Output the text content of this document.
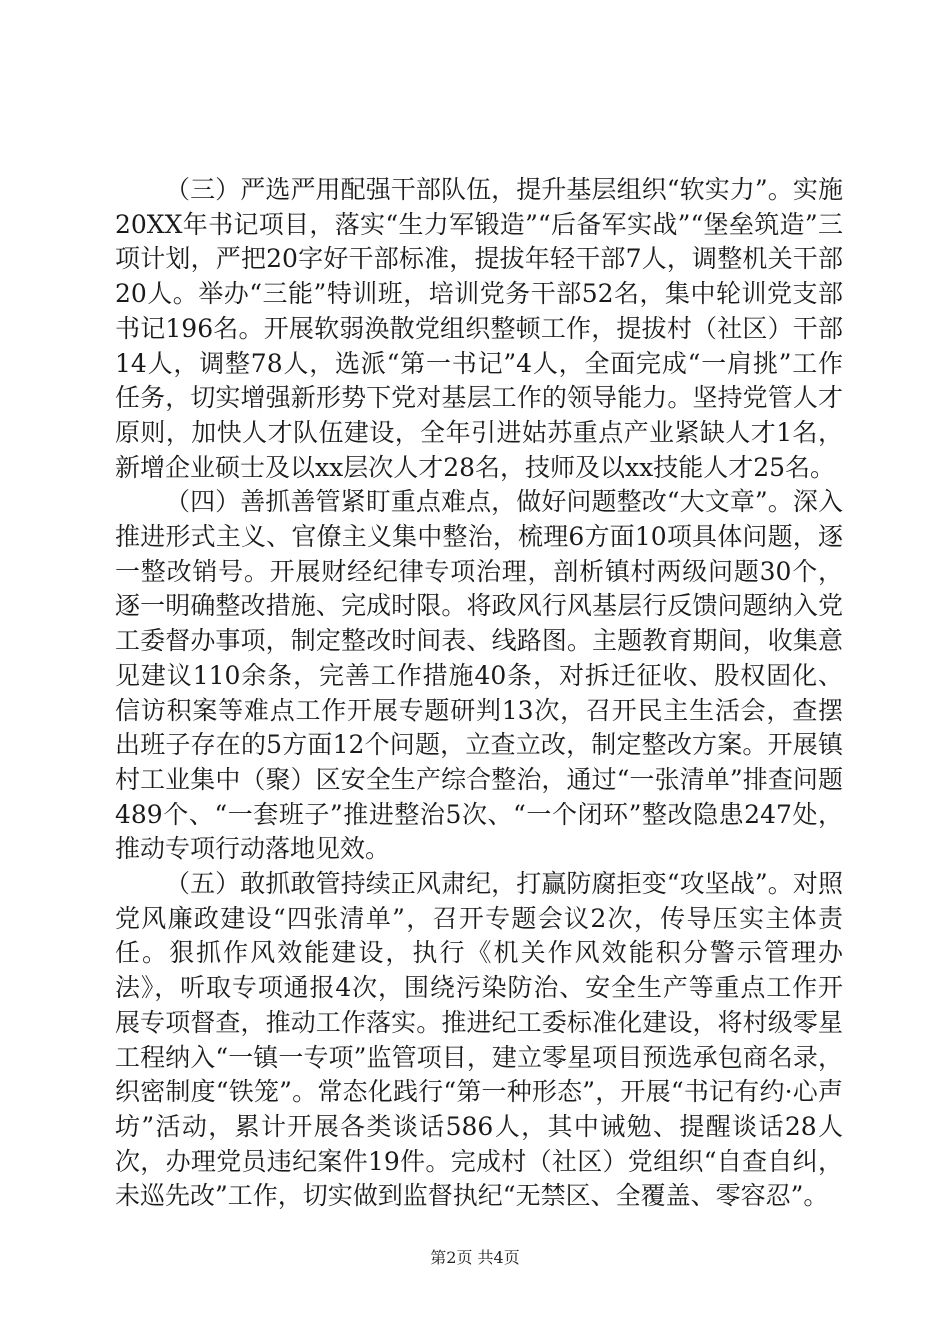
（三）严选严用配强干部队伍，提升基层组织“软实力”。实施20XX年书记项目，落实“生力军锻造”“后备军实战”“堡垒筑造”三项计划，严把20字好干部标准，提拔年轻干部7人，调整机关干部20人。举办“三能”特训班，培训党务干部52名，集中轮训党支部书记196名。开展软弱涣散党组织整顿工作，提拔村（社区）干部14人，调整78人，选派“第一书记”4人，全面完成“一肩挑”工作任务，切实增强新形势下党对基层工作的领导能力。坚持党管人才原则，加快人才队伍建设，全年引进姑苏重点产业紧缺人才1名，新增企业硕士及以xx层次人才28名，技师及以xx技能人才25名。

（四）善抓善管紧盯重点难点，做好问题整改“大文章”。深入推进形式主义、官僚主义集中整治，梳理6方面10项具体问题，逐一整改销号。开展财经纪律专项治理，剖析镇村两级问题30个，逐一明确整改措施、完成时限。将政风行风基层行反馈问题纳入党工委督办事项，制定整改时间表、线路图。主题教育期间，收集意见建议110余条，完善工作措施40条，对拆迁征收、股权固化、信访积案等难点工作开展专题研判13次，召开民主生活会，查摆出班子存在的5方面12个问题，立查立改，制定整改方案。开展镇村工业集中（聚）区安全生产综合整治，通过“一张清单”排查问题489个、“一套班子”推进整治5次、“一个闭环”整改隐患247处，推动专项行动落地见效。

（五）敢抓敢管持续正风肃纪，打赢防腐拒变“攻坚战”。对照党风廉政建设“四张清单”，召开专题会议2次，传导压实主体责任。狠抓作风效能建设，执行《机关作风效能积分警示管理办法》，听取专项通报4次，围绕污染防治、安全生产等重点工作开展专项督查，推动工作落实。推进纪工委标准化建设，将村级零星工程纳入“一镇一专项”监管项目，建立零星项目预选承包商名录，织密制度“铁笼”。常态化践行“第一种形态”，开展“书记有约·心声坊”活动，累计开展各类谈话586人，其中诫勉、提醒谈话28人次，办理党员违纪案件19件。完成村（社区）党组织“自查自纠，未巡先改”工作，切实做到监督执纪“无禁区、全覆盖、零容忍”。

第2页 共4页
